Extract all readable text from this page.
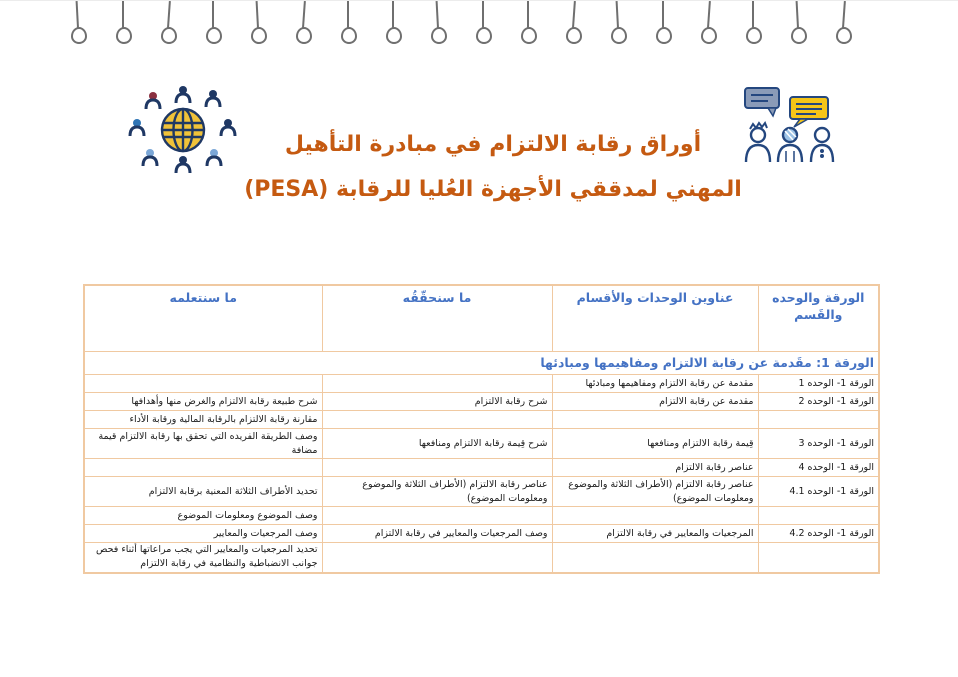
أوراق رقابة الالتزام في مبادرة التأهيل
المهني لمدققي الأجهزة العُليا للرقابة (PESA)
الورقة والوحده والقَسم	عناوين الوحدات والأقسام	ما سنحقّقُه	ما سنتعلمه
الورقة 1: مقَدمة عن رقابة الالتزام ومفاهيمها ومبادئها			
الورقة 1- الوحده 1	مقدمة عن رقابة الالتزام ومفاهيمها ومبادئها		
الورقة 1- الوحده 2	مقدمة عن رقابة الالتزام	شرح رقابة الالتزام	شرح طبيعة رقابة الالتزام والغرض منها وأهدافها
			مقارنة رقابة الالتزام بالرقابة المالية ورقابة الأداء
الورقة 1- الوحده 3	قِيمة رقابة الالتزام ومنافعها	شرح قِيمة رقابة الالتزام ومنافعها	وصف الطريقة الفريده التي تحقق بها رقابة الالتزام قيمة مضافة
الورقة 1- الوحده 4	عناصر رقابة الالتزام		
الورقة 1- الوحده 4.1	عناصر رقابة الالتزام (الأطراف الثلاثة والموضوع ومعلومات الموضوع)	عناصر رقابة الالتزام (الأطراف الثلاثة والموضوع ومعلومات الموضوع)	تحديد الأطراف الثلاثة المعنية برقابة الالتزام
			وصف الموضوع ومعلومات الموضوع
الورقة 1- الوحده 4.2	المرجعيات والمعايير في رقابة الالتزام	وصف المرجعيات والمعايير في رقابة الالتزام	وصف المرجعيات والمعايير
			تحديد المرجعيات والمعايير التي يجب مراعاتها أثناء فحص جوانب الانضباطية والنظامية في رقابة الالتزام
